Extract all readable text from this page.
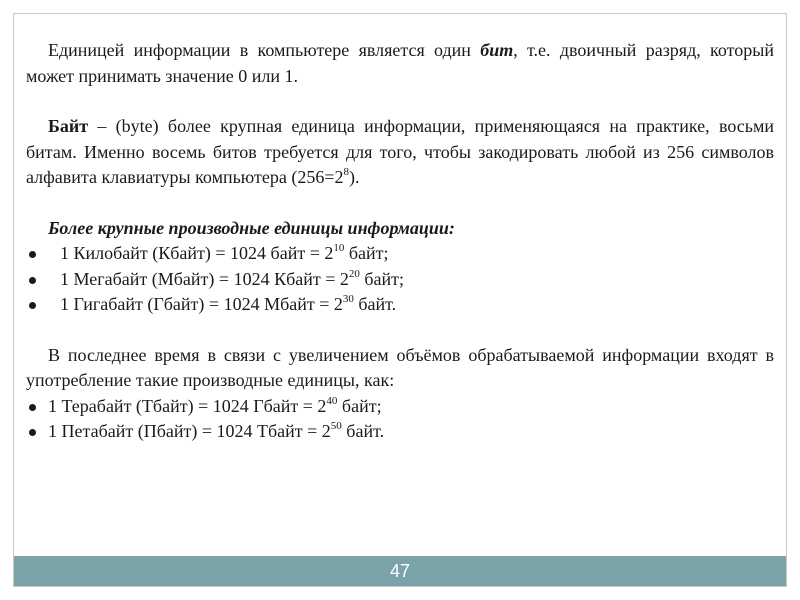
Единицей информации в компьютере является один бит, т.е. двоичный разряд, который может принимать значение 0 или 1.

Байт – (byte) более крупная единица информации, применяющаяся на практике, восьми битам. Именно восемь битов требуется для того, чтобы закодировать любой из 256 символов алфавита клавиатуры компьютера $(256=2^8)$.

Более крупные производные единицы информации:

1 Килобайт (Кбайт) = 1024 байт = $2^{10}$ байт;
1 Мегабайт (Мбайт) = 1024 Кбайт = $2^{20}$ байт;
1 Гигабайт (Гбайт) = 1024 Мбайт = $2^{30}$ байт.

В последнее время в связи с увеличением объёмов обрабатываемой информации входят в употребление такие производные единицы, как:

1 Терабайт (Тбайт) = 1024 Гбайт = $2^{40}$ байт;
1 Петабайт (Пбайт) = 1024 Тбайт = $2^{50}$ байт.
47
